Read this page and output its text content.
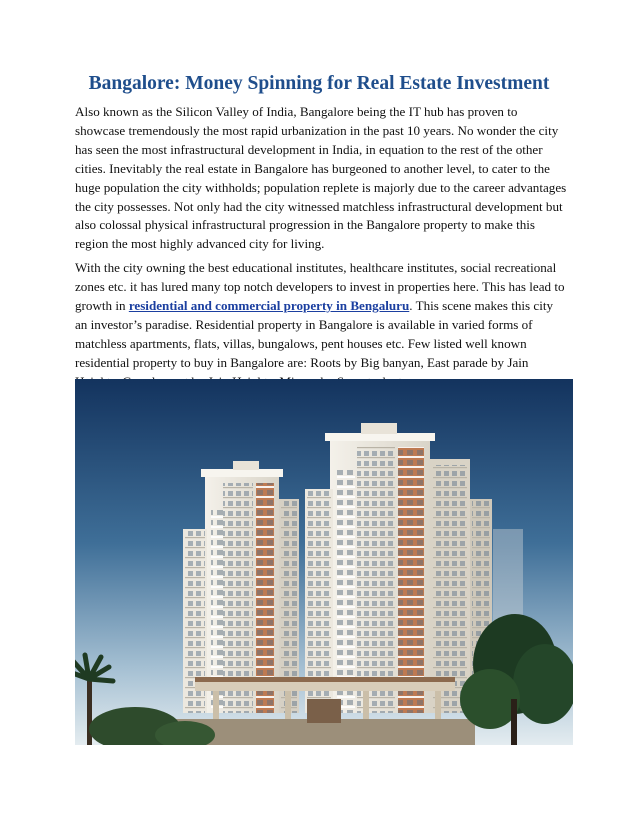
Bangalore: Money Spinning for Real Estate Investment

Also known as the Silicon Valley of India, Bangalore being the IT hub has proven to showcase tremendously the most rapid urbanization in the past 10 years. No wonder the city has seen the most infrastructural development in India, in equation to the rest of the other cities. Inevitably the real estate in Bangalore has burgeoned to another level, to cater to the huge population the city withholds; population replete is majorly due to the career advantages the city possesses. Not only had the city witnessed matchless infrastructural development but also colossal physical infrastructural progression in the Bangalore property to make this region the most highly advanced city for living.

With the city owning the best educational institutes, healthcare institutes, social recreational zones etc. it has lured many top notch developers to invest in properties here. This has lead to growth in residential and commercial property in Bengaluru. This scene makes this city an investor’s paradise. Residential property in Bangalore is available in varied forms of matchless apartments, flats, villas, bungalows, pent houses etc. Few listed well known residential property to buy in Bangalore are: Roots by Big banyan, East parade by Jain
